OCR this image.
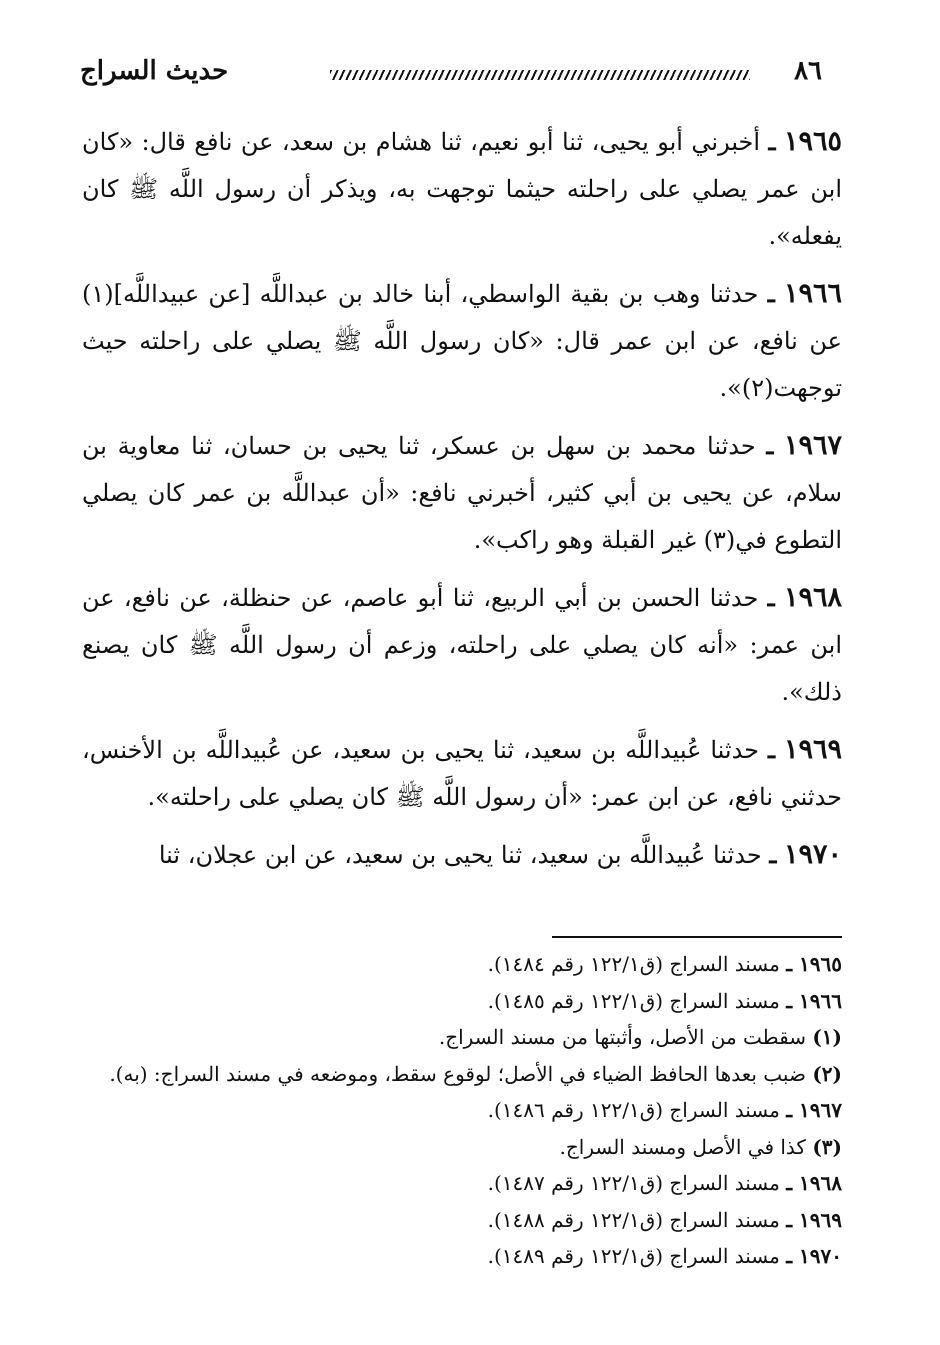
٨٦
حديث السراج

١٩٦٥ ـ أخبرني أبو يحيى، ثنا أبو نعيم، ثنا هشام بن سعد، عن نافع قال: «كان ابن عمر يصلي على راحلته حيثما توجهت به، ويذكر أن رسول اللَّه ﷺ كان يفعله».

١٩٦٦ ـ حدثنا وهب بن بقية الواسطي، أبنا خالد بن عبداللَّه [عن عبيداللَّه](١) عن نافع، عن ابن عمر قال: «كان رسول اللَّه ﷺ يصلي على راحلته حيث توجهت(٢)».

١٩٦٧ ـ حدثنا محمد بن سهل بن عسكر، ثنا يحيى بن حسان، ثنا معاوية بن سلام، عن يحيى بن أبي كثير، أخبرني نافع: «أن عبداللَّه بن عمر كان يصلي التطوع في(٣) غير القبلة وهو راكب».

١٩٦٨ ـ حدثنا الحسن بن أبي الربيع، ثنا أبو عاصم، عن حنظلة، عن نافع، عن ابن عمر: «أنه كان يصلي على راحلته، وزعم أن رسول اللَّه ﷺ كان يصنع ذلك».

١٩٦٩ ـ حدثنا عُبيداللَّه بن سعيد، ثنا يحيى بن سعيد، عن عُبيداللَّه بن الأخنس، حدثني نافع، عن ابن عمر: «أن رسول اللَّه ﷺ كان يصلي على راحلته».

١٩٧٠ ـ حدثنا عُبيداللَّه بن سعيد، ثنا يحيى بن سعيد، عن ابن عجلان، ثنا

١٩٦٥ ـ مسند السراج (ق١٢٢/١ رقم ١٤٨٤).
١٩٦٦ ـ مسند السراج (ق١٢٢/١ رقم ١٤٨٥).
(١) سقطت من الأصل، وأثبتها من مسند السراج.
(٢) ضبب بعدها الحافظ الضياء في الأصل؛ لوقوع سقط، وموضعه في مسند السراج: (به).
١٩٦٧ ـ مسند السراج (ق١٢٢/١ رقم ١٤٨٦).
(٣) كذا في الأصل ومسند السراج.
١٩٦٨ ـ مسند السراج (ق١٢٢/١ رقم ١٤٨٧).
١٩٦٩ ـ مسند السراج (ق١٢٢/١ رقم ١٤٨٨).
١٩٧٠ ـ مسند السراج (ق١٢٢/١ رقم ١٤٨٩).
